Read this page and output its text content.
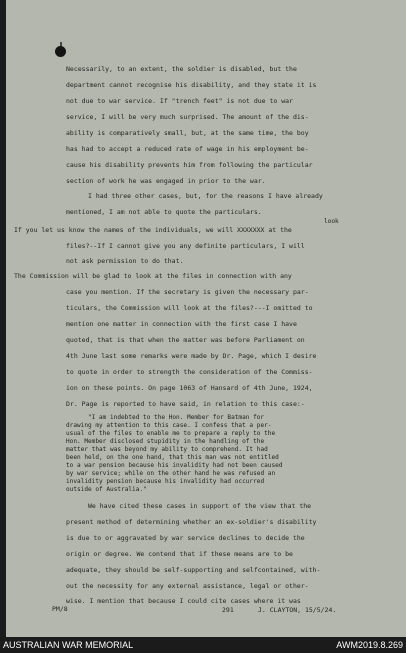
Necessarily, to an extent, the soldier is disabled, but the
department cannot recognise his disability, and they state it is
not due to war service. If "trench feet" is not due to war
service, I will be very much surprised. The amount of the dis-
ability is comparatively small, but, at the same time, the boy
has had to accept a reduced rate of wage in his employment be-
cause his disability prevents him from following the particular
section of work he was engaged in prior to the war.
I had three other cases, but, for the reasons I have already
mentioned, I am not able to quote the particulars.
look
If you let us know the names of the individuals, we will XXXXXXX at the
files?--If I cannot give you any definite particulars, I will
not ask permission to do that.
The Commission will be glad to look at the files in connection with any
case you mention. If the secretary is given the necessary par-
ticulars, the Commission will look at the files?---I omitted to
mention one matter in connection with the first case I have
quoted, that is that when the matter was before Parliament on
4th June last some remarks were made by Dr. Page, which I desire
to quote in order to strength the consideration of the Commiss-
ion on these points. On page 1063 of Hansard of 4th June, 1924,
Dr. Page is reported to have said, in relation to this case:-
"I am indebted to the Hon. Member for Batman for
drawing my attention to this case. I confess that a per-
usual of the files to enable me to prepare a reply to the
Hon. Member disclosed stupidity in the handling of the
matter that was beyond my ability to comprehend. It had
been held, on the one hand, that this man was not entitled
to a war pension because his invalidity had not been caused
by war service; while on the other hand he was refused an
invalidity pension because his invalidity had occurred
outside of Australia."
We have cited these cases in support of the view that the
present method of determining whether an ex-soldier's disability
is due to or aggravated by war service declines to decide the
origin or degree. We contend that if these means are to be
adequate, they should be self-supporting and selfcontained, with-
out the necessity for any external assistance, legal or other-
wise. I mention that because I could cite cases where it was
PM/8	291	J. CLAYTON, 15/5/24.
AUSTRALIAN WAR MEMORIAL	AWM2019.8.269
